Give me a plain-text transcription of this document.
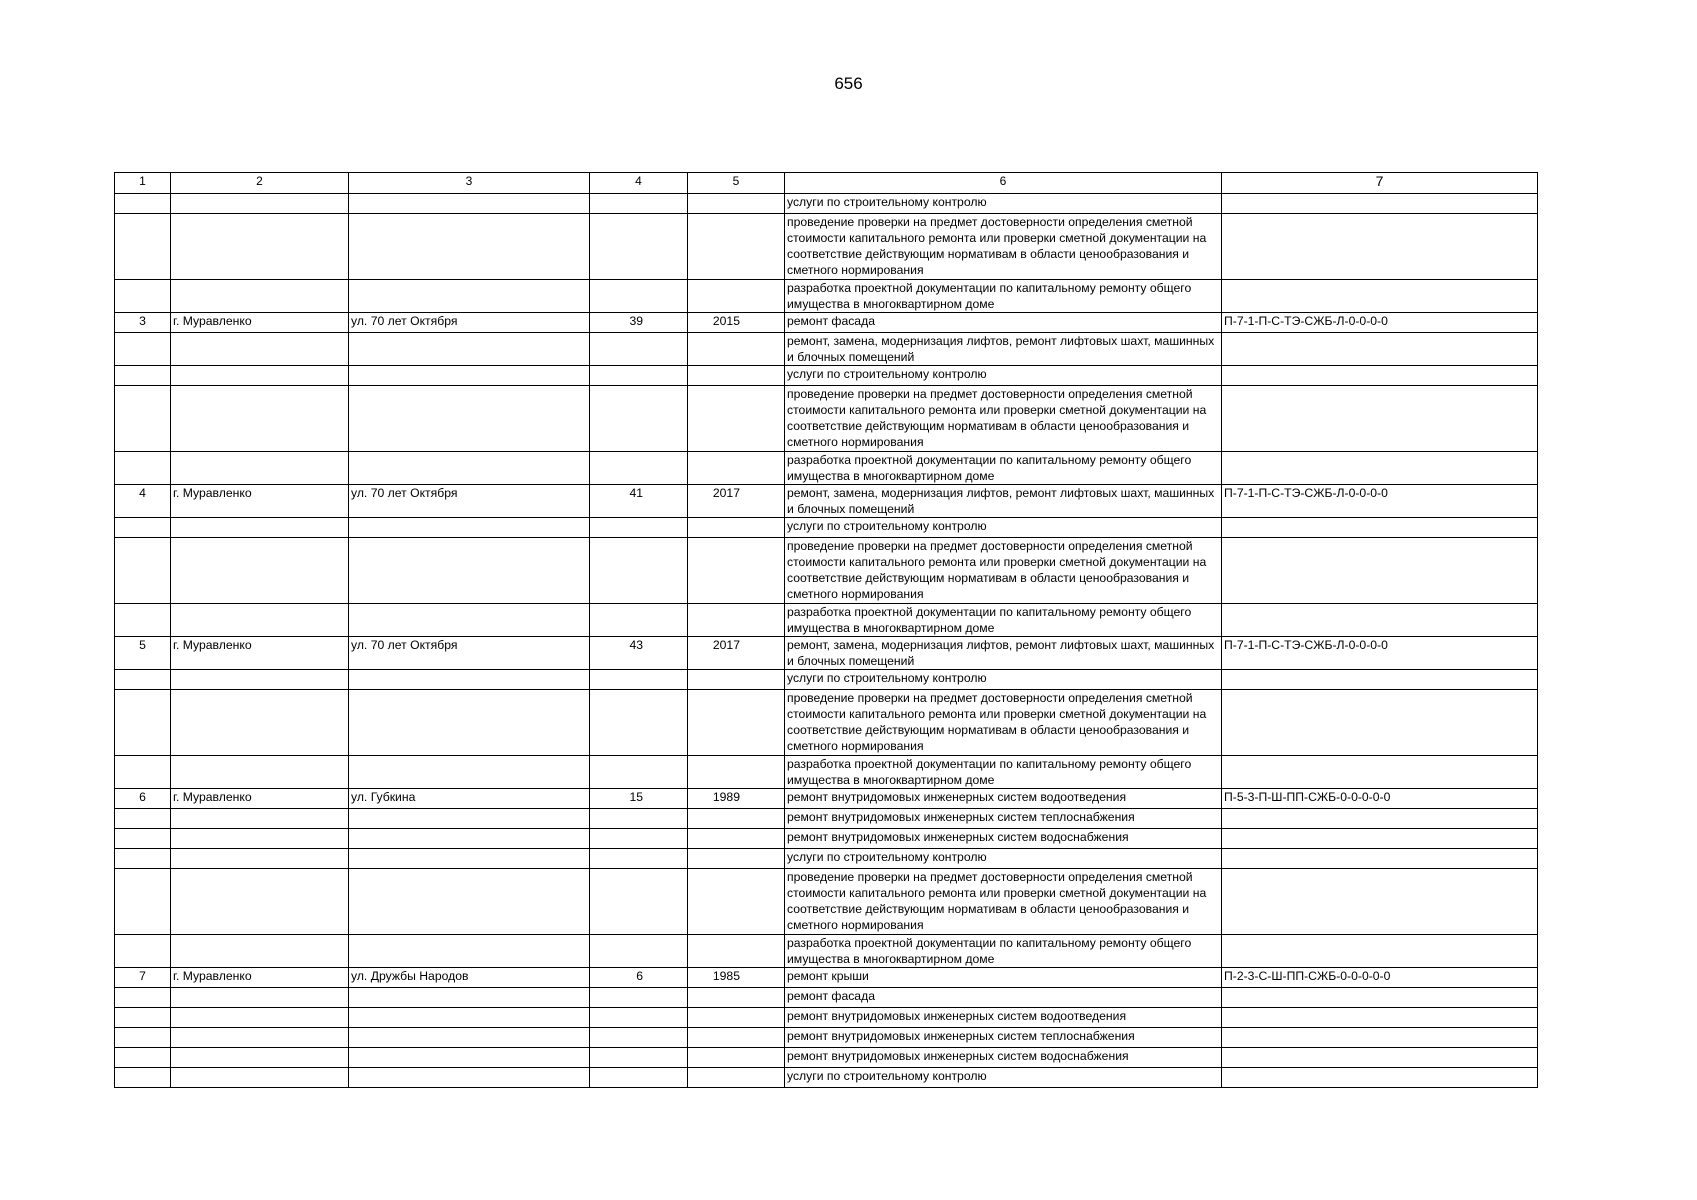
656
1	2	3	4	5	6	7
					услуги по строительному контролю	
					проведение проверки на предмет достоверности определения сметной стоимости капитального ремонта или проверки сметной документации на соответствие действующим нормативам в области ценообразования и сметного нормирования	
					разработка проектной документации по капитальному ремонту общего имущества в многоквартирном доме	
3	г. Муравленко	ул. 70 лет Октября	39	2015	ремонт фасада	П-7-1-П-С-ТЭ-СЖБ-Л-0-0-0-0
					ремонт, замена, модернизация лифтов, ремонт лифтовых шахт, машинных и блочных помещений	
					услуги по строительному контролю	
					проведение проверки на предмет достоверности определения сметной стоимости капитального ремонта или проверки сметной документации на соответствие действующим нормативам в области ценообразования и сметного нормирования	
					разработка проектной документации по капитальному ремонту общего имущества в многоквартирном доме	
4	г. Муравленко	ул. 70 лет Октября	41	2017	ремонт, замена, модернизация лифтов, ремонт лифтовых шахт, машинных и блочных помещений	П-7-1-П-С-ТЭ-СЖБ-Л-0-0-0-0
					услуги по строительному контролю	
					проведение проверки на предмет достоверности определения сметной стоимости капитального ремонта или проверки сметной документации на соответствие действующим нормативам в области ценообразования и сметного нормирования	
					разработка проектной документации по капитальному ремонту общего имущества в многоквартирном доме	
5	г. Муравленко	ул. 70 лет Октября	43	2017	ремонт, замена, модернизация лифтов, ремонт лифтовых шахт, машинных и блочных помещений	П-7-1-П-С-ТЭ-СЖБ-Л-0-0-0-0
					услуги по строительному контролю	
					проведение проверки на предмет достоверности определения сметной стоимости капитального ремонта или проверки сметной документации на соответствие действующим нормативам в области ценообразования и сметного нормирования	
					разработка проектной документации по капитальному ремонту общего имущества в многоквартирном доме	
6	г. Муравленко	ул. Губкина	15	1989	ремонт внутридомовых инженерных систем водоотведения	П-5-3-П-Ш-ПП-СЖБ-0-0-0-0-0
					ремонт внутридомовых инженерных систем теплоснабжения	
					ремонт внутридомовых инженерных систем водоснабжения	
					услуги по строительному контролю	
					проведение проверки на предмет достоверности определения сметной стоимости капитального ремонта или проверки сметной документации на соответствие действующим нормативам в области ценообразования и сметного нормирования	
					разработка проектной документации по капитальному ремонту общего имущества в многоквартирном доме	
7	г. Муравленко	ул. Дружбы Народов	6	1985	ремонт крыши	П-2-3-С-Ш-ПП-СЖБ-0-0-0-0-0
					ремонт фасада	
					ремонт внутридомовых инженерных систем водоотведения	
					ремонт внутридомовых инженерных систем теплоснабжения	
					ремонт внутридомовых инженерных систем водоснабжения	
					услуги по строительному контролю	
